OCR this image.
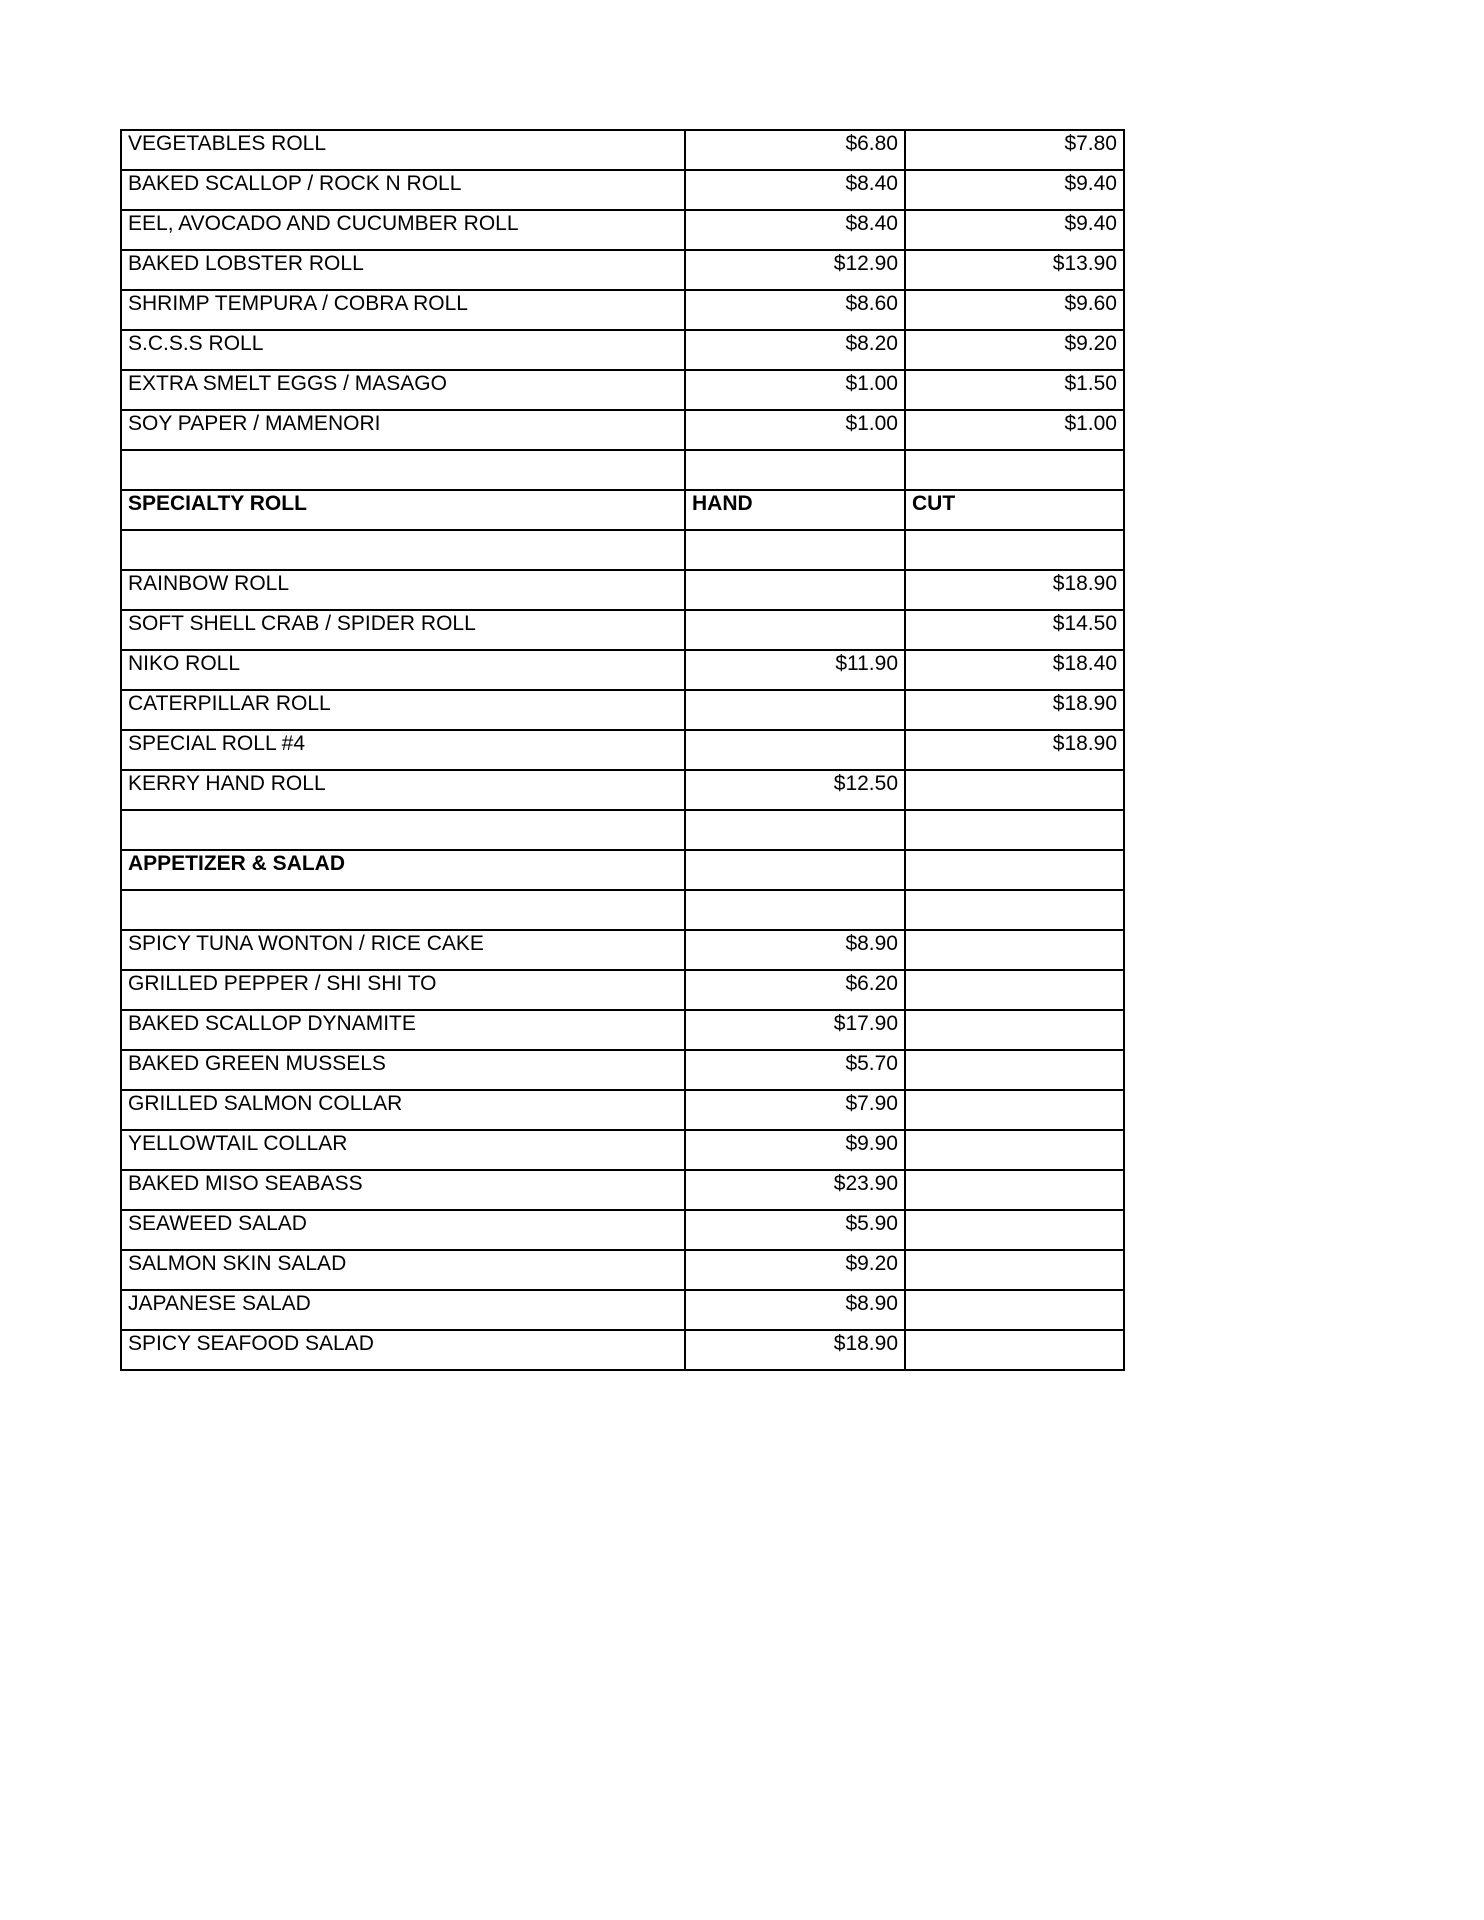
VEGETABLES ROLL	$6.80	$7.80
BAKED SCALLOP / ROCK N ROLL	$8.40	$9.40
EEL, AVOCADO AND CUCUMBER ROLL	$8.40	$9.40
BAKED LOBSTER ROLL	$12.90	$13.90
SHRIMP TEMPURA / COBRA ROLL	$8.60	$9.60
S.C.S.S ROLL	$8.20	$9.20
EXTRA SMELT EGGS / MASAGO	$1.00	$1.50
SOY PAPER / MAMENORI	$1.00	$1.00

SPECIALTY ROLL	HAND	CUT

RAINBOW ROLL		$18.90
SOFT SHELL CRAB / SPIDER ROLL		$14.50
NIKO ROLL	$11.90	$18.40
CATERPILLAR ROLL		$18.90
SPECIAL ROLL #4		$18.90
KERRY HAND ROLL	$12.50	

APPETIZER & SALAD		

SPICY TUNA WONTON / RICE CAKE	$8.90	
GRILLED PEPPER / SHI SHI TO	$6.20	
BAKED SCALLOP DYNAMITE	$17.90	
BAKED GREEN MUSSELS	$5.70	
GRILLED SALMON COLLAR	$7.90	
YELLOWTAIL COLLAR	$9.90	
BAKED MISO SEABASS	$23.90	
SEAWEED SALAD	$5.90	
SALMON SKIN SALAD	$9.20	
JAPANESE SALAD	$8.90	
SPICY SEAFOOD SALAD	$18.90	
